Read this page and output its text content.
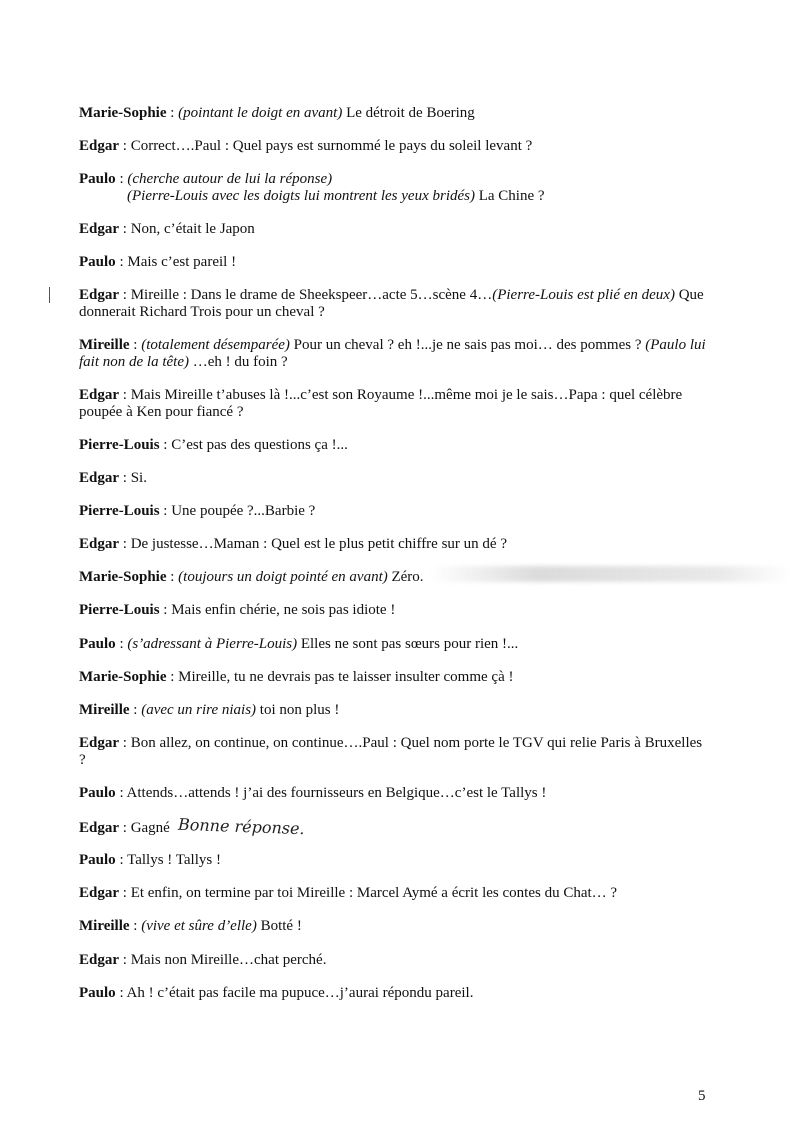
Marie-Sophie : (pointant le doigt en avant) Le détroit de Boering

Edgar : Correct….Paul : Quel pays est surnommé le pays du soleil levant ?

Paulo : (cherche autour de lui la réponse)
(Pierre-Louis avec les doigts lui montrent les yeux bridés) La Chine ?

Edgar : Non, c’était le Japon

Paulo : Mais c’est pareil !

Edgar : Mireille : Dans le drame de Sheekspeer…acte 5…scène 4…(Pierre-Louis est plié en deux) Que donnerait Richard Trois pour un cheval ?

Mireille : (totalement désemparée) Pour un cheval ? eh !...je ne sais pas moi… des pommes ? (Paulo lui fait non de la tête) …eh ! du foin ?

Edgar : Mais Mireille t’abuses là !...c’est son Royaume !...même moi je le sais…Papa : quel célèbre poupée à Ken pour fiancé ?

Pierre-Louis : C’est pas des questions ça !...

Edgar : Si.

Pierre-Louis : Une poupée ?...Barbie ?

Edgar : De justesse…Maman : Quel est le plus petit chiffre sur un dé ?

Marie-Sophie : (toujours un doigt pointé en avant) Zéro.

Pierre-Louis : Mais enfin chérie, ne sois pas idiote !

Paulo : (s’adressant à Pierre-Louis) Elles ne sont pas sœurs pour rien !...

Marie-Sophie : Mireille, tu ne devrais pas te laisser insulter comme çà !

Mireille : (avec un rire niais) toi non plus !

Edgar : Bon allez, on continue, on continue….Paul : Quel nom porte le TGV qui relie Paris à Bruxelles ?

Paulo : Attends…attends ! j’ai des fournisseurs en Belgique…c’est le Tallys !

Edgar : Gagné Bonne réponse.

Paulo : Tallys ! Tallys !

Edgar : Et enfin, on termine par toi Mireille : Marcel Aymé a écrit les contes du Chat… ?

Mireille : (vive et sûre d’elle) Botté !

Edgar : Mais non Mireille…chat perché.

Paulo : Ah ! c’était pas facile ma pupuce…j’aurai répondu pareil.

5
